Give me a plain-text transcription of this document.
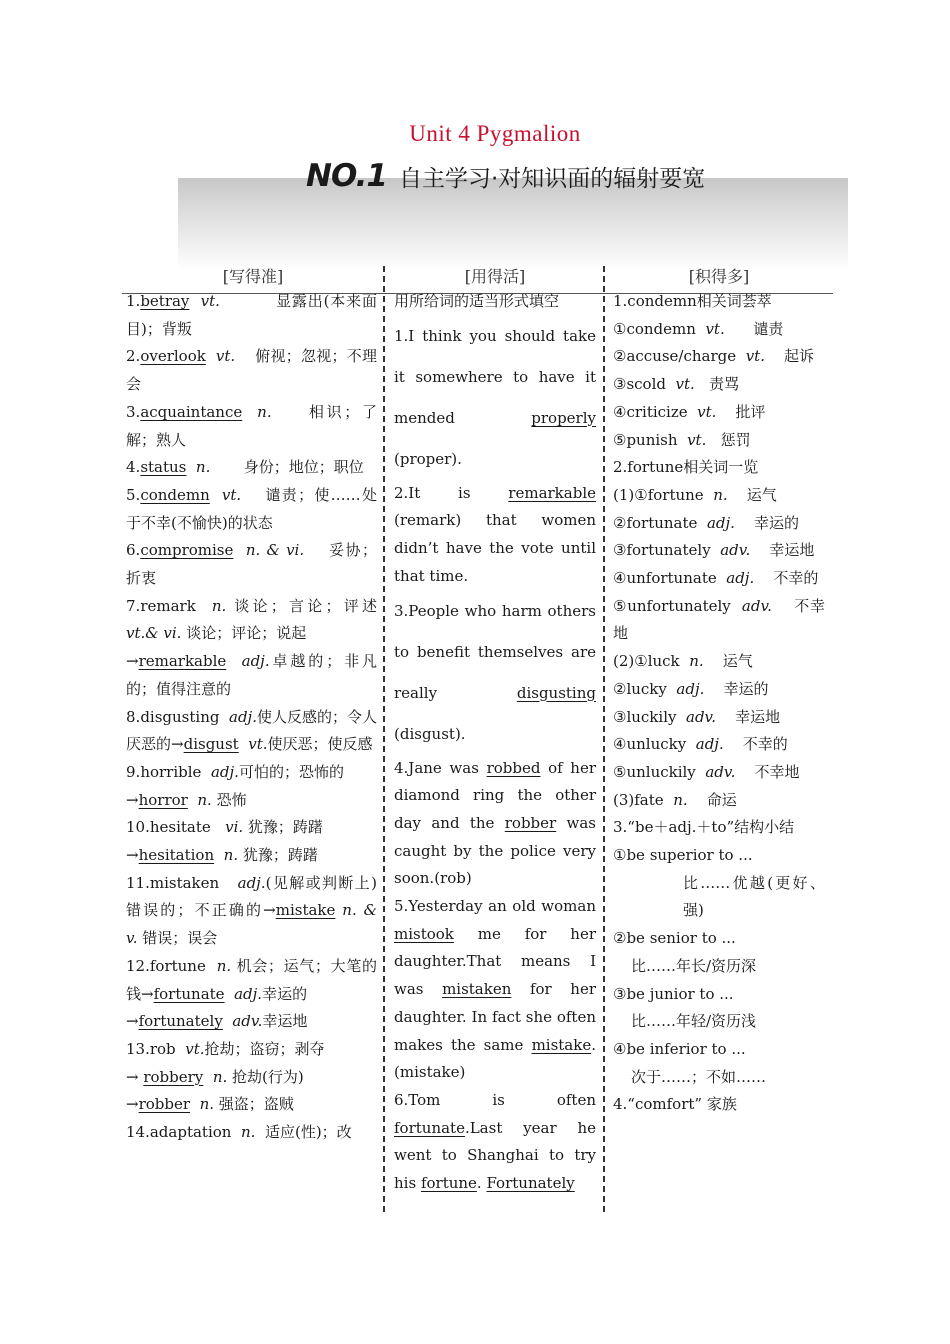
Unit 4 Pygmalion
NO.1 自主学习·对知识面的辐射要宽
[写得准]	[用得活]	[积得多]

1.betray vt.	显露出(本来面目)；背叛

2.overlook vt. 俯视；忽视；不理会

3.acquaintance n. 相识；了解；熟人

4.status n. 身份；地位；职位

5.condemn vt. 谴责；使……处于不幸(不愉快)的状态

6.compromise n. & vi. 妥协；折衷

7.remark n. 谈论；言论；评述 vt.& vi. 谈论；评论；说起
→remarkable adj.卓越的；非凡的；值得注意的

8.disgusting adj.使人反感的；令人厌恶的→disgust vt.使厌恶；使反感

9.horrible adj.可怕的；恐怖的
→horror n. 恐怖

10.hesitate vi. 犹豫；踌躇
→hesitation n. 犹豫；踌躇

11.mistaken adj.(见解或判断上)错误的；不正确的→mistake n. & v. 错误；误会

12.fortune n. 机会；运气；大笔的钱→fortunate adj.幸运的
→fortunately adv.幸运地

13.rob vt.抢劫；盗窃；剥夺
→ robbery n. 抢劫(行为)
→robber n. 强盗；盗贼

14.adaptation n. 适应(性)；改

用所给词的适当形式填空

1.I think you should take it somewhere to have it mended properly (proper).

2.It is remarkable (remark) that women didn’t have the vote until that time.

3.People who harm others to benefit themselves are really disgusting (disgust).

4.Jane was robbed of her diamond ring the other day and the robber was caught by the police very soon.(rob)

5.Yesterday an old woman mistook me for her daughter.That means I was mistaken for her daughter. In fact she often makes the same mistake.(mistake)

6.Tom is often fortunate.Last year he went to Shanghai to try his fortune. Fortunately

1.condemn相关词荟萃

①condemn vt. 谴责

②accuse/charge vt. 起诉

③scold vt. 责骂

④criticize vt. 批评

⑤punish vt. 惩罚

2.fortune相关词一览

(1)①fortune n. 运气

②fortunate adj. 幸运的

③fortunately adv. 幸运地

④unfortunate adj. 不幸的

⑤unfortunately adv. 不幸地

(2)①luck n. 运气

②lucky adj. 幸运的

③luckily adv. 幸运地

④unlucky adj. 不幸的

⑤unluckily adv. 不幸地

(3)fate n. 命运

3.“be＋adj.＋to”结构小结

①be superior to ...

比……优越(更好、强)

②be senior to ...

比……年长/资历深

③be junior to ...

比……年轻/资历浅

④be inferior to ...

次于……；不如……

4.“comfort” 家族
